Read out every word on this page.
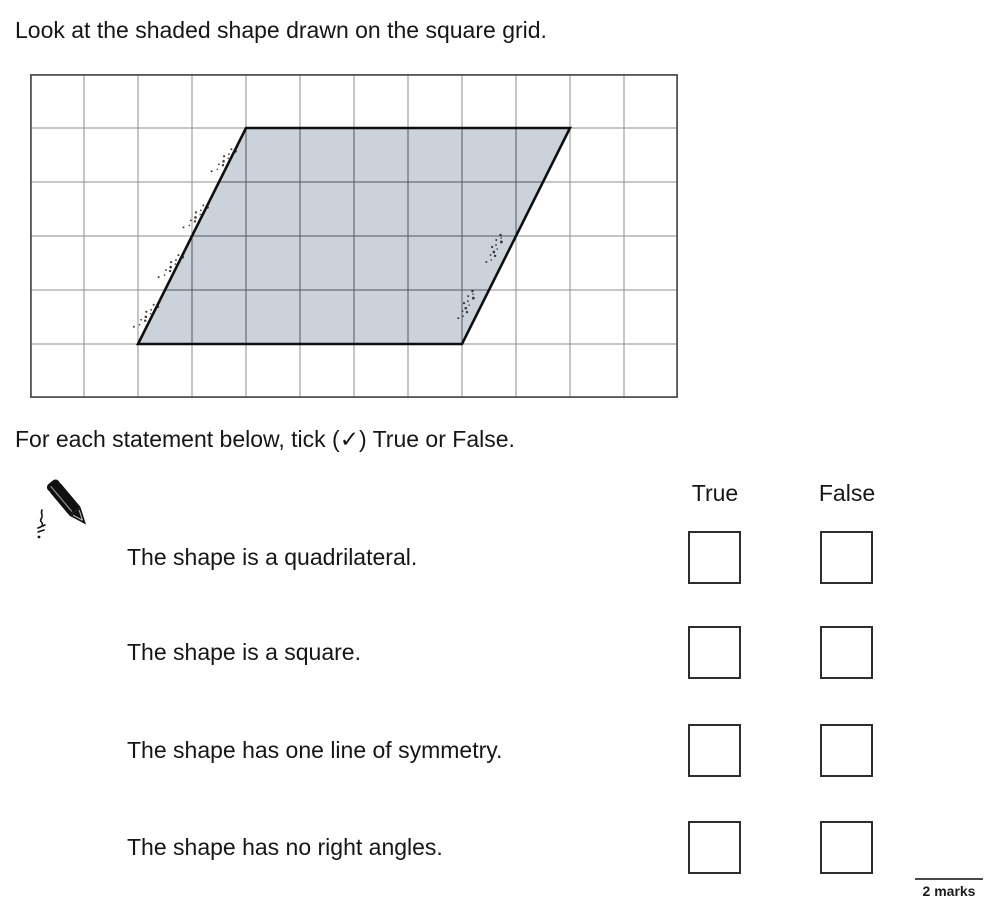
Look at the shaded shape drawn on the square grid.
For each statement below, tick (✓) True or False.
True	False
The shape is a quadrilateral.
The shape is a square.
The shape has one line of symmetry.
The shape has no right angles.
2 marks
